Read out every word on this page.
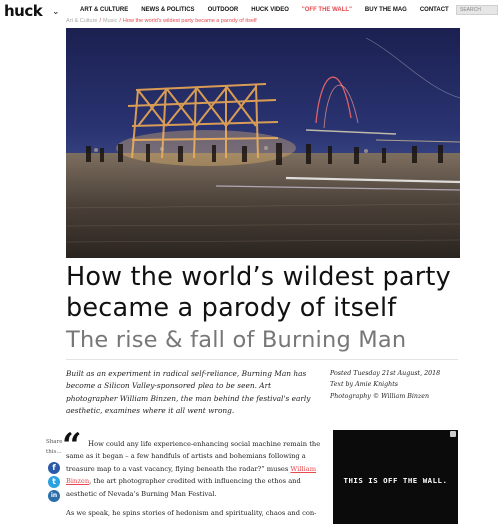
huck ⌄	ART & CULTURE NEWS & POLITICS OUTDOOR HUCK VIDEO "OFF THE WALL" BUY THE MAG CONTACT	SEARCH
Art & Culture / Music / How the world's wildest party became a parody of itself
How the world’s wildest party became a parody of itself
The rise & fall of Burning Man

Built as an experiment in radical self-reliance, Burning Man has become a Silicon Valley-sponsored plea to be seen. Art photographer William Binzen, the man behind the festival's early aesthetic, examines where it all went wrong.

Posted Tuesday 21st August, 2018
Text by Amie Knights
Photography © William Binzen
Share this...
f
t
in
“ How could any life experience-enhancing social machine remain the same as it began – a few handfuls of artists and bohemians following a treasure map to a vast vacancy, flying beneath the radar?” muses William Binzen, the art photographer credited with influencing the ethos and aesthetic of Nevada’s Burning Man Festival.

As we speak, he spins stories of hedonism and spirituality, chaos and con-

THIS IS OFF THE WALL.
